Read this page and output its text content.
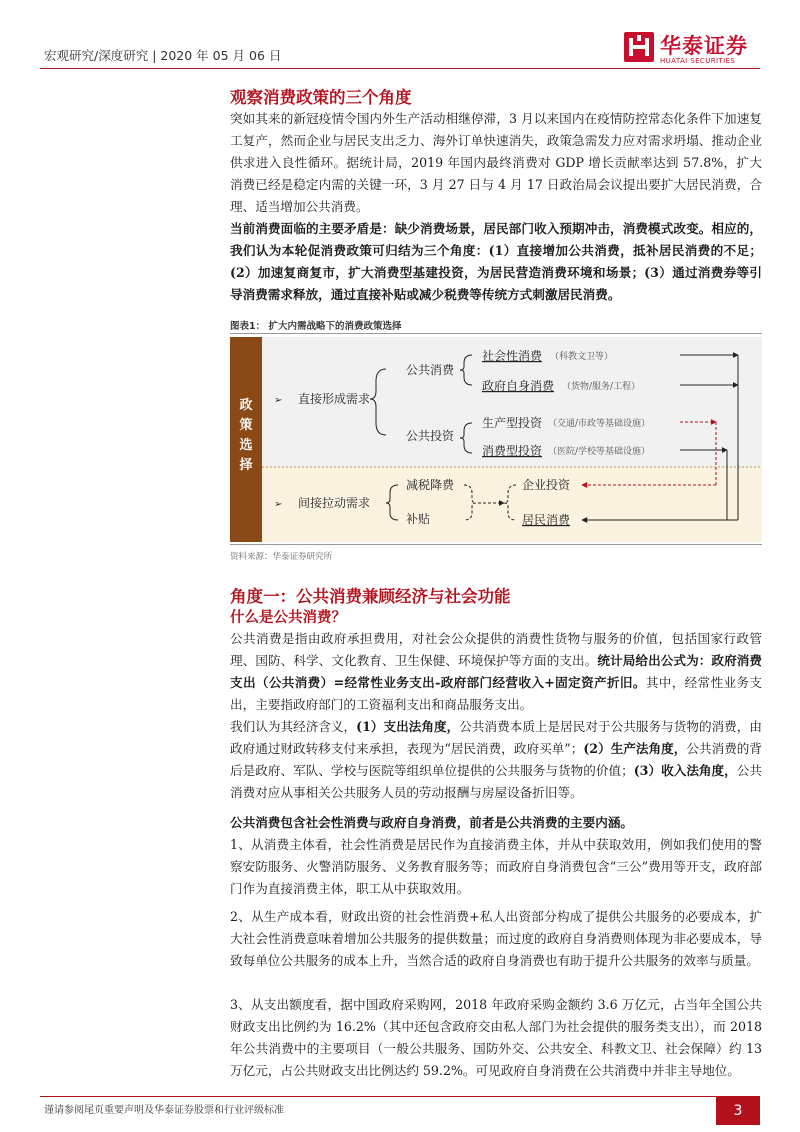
宏观研究/深度研究 | 2020 年 05 月 06 日	华泰证券
HUATAI SECURITIES
观察消费政策的三个角度

突如其来的新冠疫情令国内外生产活动相继停滞，3 月以来国内在疫情防控常态化条件下加速复工复产，然而企业与居民支出乏力、海外订单快速消失，政策急需发力应对需求坍塌、推动企业供求进入良性循环。据统计局，2019 年国内最终消费对 GDP 增长贡献率达到 57.8%，扩大消费已经是稳定内需的关键一环，3 月 27 日与 4 月 17 日政治局会议提出要扩大居民消费，合理、适当增加公共消费。

当前消费面临的主要矛盾是：缺少消费场景，居民部门收入预期冲击，消费模式改变。相应的，我们认为本轮促消费政策可归结为三个角度：(1）直接增加公共消费，抵补居民消费的不足；(2）加速复商复市，扩大消费型基建投资，为居民营造消费环境和场景；(3）通过消费券等引导消费需求释放，通过直接补贴或减少税费等传统方式刺激居民消费。

图表1： 扩大内需战略下的消费政策选择
政
策
选
择
➢ 直接形成需求
公共消费
公共投资
社会性消费 （科教文卫等）
政府自身消费 （货物/服务/工程）
生产型投资 （交通/市政等基础设施）
消费型投资 （医院/学校等基础设施）
➢ 间接拉动需求
减税降费
补贴
企业投资
居民消费
资料来源：华泰证券研究所
角度一：公共消费兼顾经济与社会功能
什么是公共消费？

公共消费是指由政府承担费用，对社会公众提供的消费性货物与服务的价值，包括国家行政管理、国防、科学、文化教育、卫生保健、环境保护等方面的支出。统计局给出公式为：政府消费支出（公共消费）=经常性业务支出-政府部门经营收入+固定资产折旧。其中，经常性业务支出，主要指政府部门的工资福利支出和商品服务支出。

我们认为其经济含义，(1）支出法角度，公共消费本质上是居民对于公共服务与货物的消费，由政府通过财政转移支付来承担，表现为“居民消费，政府买单”；(2）生产法角度，公共消费的背后是政府、军队、学校与医院等组织单位提供的公共服务与货物的价值；(3）收入法角度，公共消费对应从事相关公共服务人员的劳动报酬与房屋设备折旧等。

公共消费包含社会性消费与政府自身消费，前者是公共消费的主要内涵。
1、从消费主体看，社会性消费是居民作为直接消费主体，并从中获取效用，例如我们使用的警察安防服务、火警消防服务、义务教育服务等；而政府自身消费包含“三公”费用等开支，政府部门作为直接消费主体，职工从中获取效用。

2、从生产成本看，财政出资的社会性消费+私人出资部分构成了提供公共服务的必要成本，扩大社会性消费意味着增加公共服务的提供数量；而过度的政府自身消费则体现为非必要成本，导致每单位公共服务的成本上升，当然合适的政府自身消费也有助于提升公共服务的效率与质量。

3、从支出额度看，据中国政府采购网，2018 年政府采购金额约 3.6 万亿元，占当年全国公共财政支出比例约为 16.2%（其中还包含政府交由私人部门为社会提供的服务类支出），而 2018 年公共消费中的主要项目（一般公共服务、国防外交、公共安全、科教文卫、社会保障）约 13 万亿元，占公共财政支出比例达约 59.2%。可见政府自身消费在公共消费中并非主导地位。

谨请参阅尾页重要声明及华泰证券股票和行业评级标准	3
